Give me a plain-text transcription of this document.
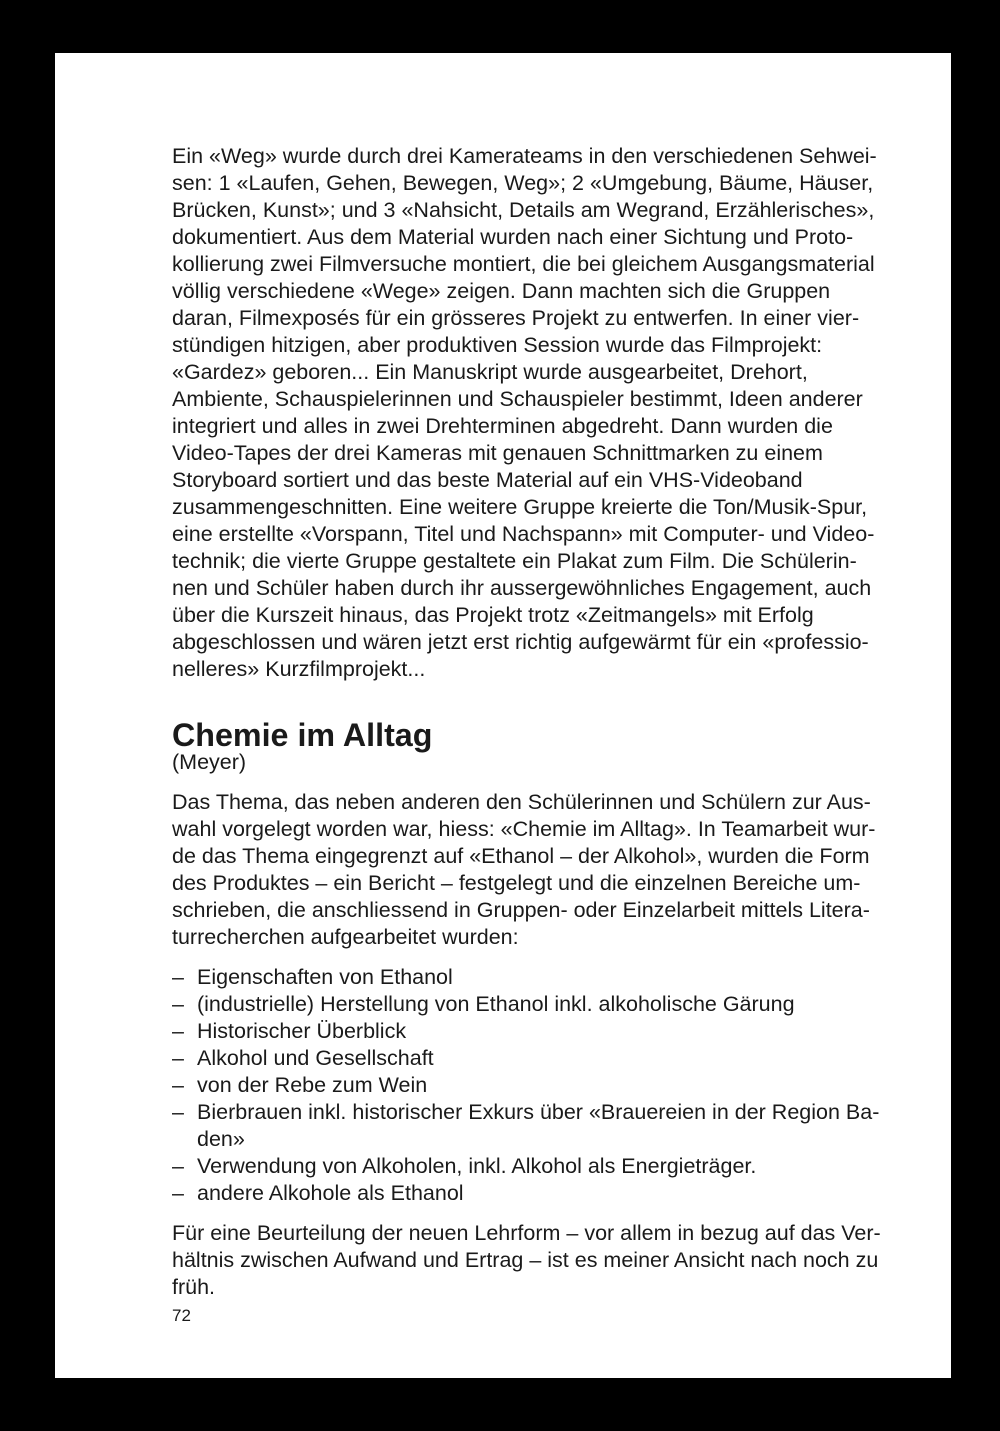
Ein «Weg» wurde durch drei Kamerateams in den verschiedenen Sehwei-
sen: 1 «Laufen, Gehen, Bewegen, Weg»; 2 «Umgebung, Bäume, Häuser,
Brücken, Kunst»; und 3 «Nahsicht, Details am Wegrand, Erzählerisches»,
dokumentiert. Aus dem Material wurden nach einer Sichtung und Proto-
kollierung zwei Filmversuche montiert, die bei gleichem Ausgangsmaterial
völlig verschiedene «Wege» zeigen. Dann machten sich die Gruppen
daran, Filmexposés für ein grösseres Projekt zu entwerfen. In einer vier-
stündigen hitzigen, aber produktiven Session wurde das Filmprojekt:
«Gardez» geboren... Ein Manuskript wurde ausgearbeitet, Drehort,
Ambiente, Schauspielerinnen und Schauspieler bestimmt, Ideen anderer
integriert und alles in zwei Drehterminen abgedreht. Dann wurden die
Video-Tapes der drei Kameras mit genauen Schnittmarken zu einem
Storyboard sortiert und das beste Material auf ein VHS-Videoband
zusammengeschnitten. Eine weitere Gruppe kreierte die Ton/Musik-Spur,
eine erstellte «Vorspann, Titel und Nachspann» mit Computer- und Video-
technik; die vierte Gruppe gestaltete ein Plakat zum Film. Die Schülerin-
nen und Schüler haben durch ihr aussergewöhnliches Engagement, auch
über die Kurszeit hinaus, das Projekt trotz «Zeitmangels» mit Erfolg
abgeschlossen und wären jetzt erst richtig aufgewärmt für ein «professio-
nelleres» Kurzfilmprojekt...

Chemie im Alltag

(Meyer)

Das Thema, das neben anderen den Schülerinnen und Schülern zur Aus-
wahl vorgelegt worden war, hiess: «Chemie im Alltag». In Teamarbeit wur-
de das Thema eingegrenzt auf «Ethanol – der Alkohol», wurden die Form
des Produktes – ein Bericht – festgelegt und die einzelnen Bereiche um-
schrieben, die anschliessend in Gruppen- oder Einzelarbeit mittels Litera-
turrecherchen aufgearbeitet wurden:

– Eigenschaften von Ethanol
– (industrielle) Herstellung von Ethanol inkl. alkoholische Gärung
– Historischer Überblick
– Alkohol und Gesellschaft
– von der Rebe zum Wein
– Bierbrauen inkl. historischer Exkurs über «Brauereien in der Region Ba-
den»
– Verwendung von Alkoholen, inkl. Alkohol als Energieträger.
– andere Alkohole als Ethanol

Für eine Beurteilung der neuen Lehrform – vor allem in bezug auf das Ver-
hältnis zwischen Aufwand und Ertrag – ist es meiner Ansicht nach noch zu
früh.

72
